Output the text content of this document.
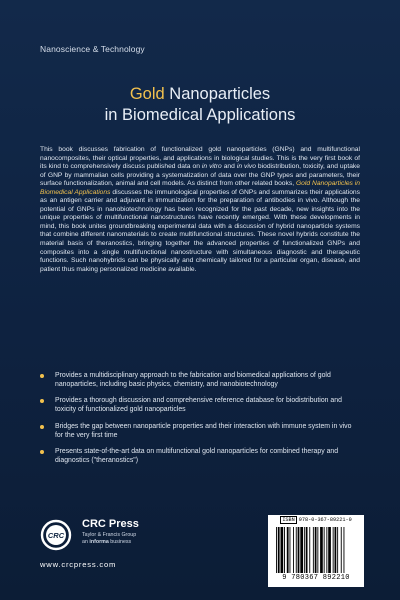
Nanoscience & Technology
Gold Nanoparticles
in Biomedical Applications
This book discusses fabrication of functionalized gold nanoparticles (GNPs) and multifunctional nanocomposites, their optical properties, and applications in biological studies. This is the very first book of its kind to comprehensively discuss published data on in vitro and in vivo biodistribution, toxicity, and uptake of GNP by mammalian cells providing a systematization of data over the GNP types and parameters, their surface functionalization, animal and cell models. As distinct from other related books, Gold Nanoparticles in Biomedical Applications discusses the immunological properties of GNPs and summarizes their applications as an antigen carrier and adjuvant in immunization for the preparation of antibodies in vivo. Although the potential of GNPs in nanobiotechnology has been recognized for the past decade, new insights into the unique properties of multifunctional nanostructures have recently emerged. With these developments in mind, this book unites groundbreaking experimental data with a discussion of hybrid nanoparticle systems that combine different nanomaterials to create multifunctional structures. These novel hybrids constitute the material basis of theranostics, bringing together the advanced properties of functionalized GNPs and composites into a single multifunctional nanostructure with simultaneous diagnostic and therapeutic functions. Such nanohybrids can be physically and chemically tailored for a particular organ, disease, and patient thus making personalized medicine available.
Provides a multidisciplinary approach to the fabrication and biomedical applications of gold nanoparticles, including basic physics, chemistry, and nanobiotechnology
Provides a thorough discussion and comprehensive reference database for biodistribution and toxicity of functionalized gold nanoparticles
Bridges the gap between nanoparticle properties and their interaction with immune system in vivo for the very first time
Presents state-of-the-art data on multifunctional gold nanoparticles for combined therapy and diagnostics ("theranostics")
CRC
CRC Press
Taylor & Francis Group
an informa business
www.crcpress.com
ISBN 978-0-367-89221-0
9 780367 892210
